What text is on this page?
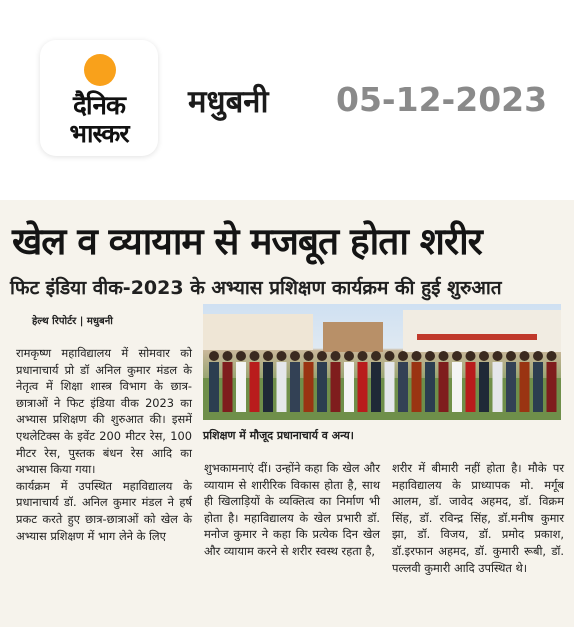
दैनिक
भास्कर
मधुबनी 05-12-2023
खेल व व्यायाम से मजबूत होता शरीर
फिट इंडिया वीक-2023 के अभ्यास प्रशिक्षण कार्यक्रम की हुई शुरुआत
हेल्थ रिपोर्टर | मधुबनी
प्रशिक्षण में मौजूद प्रधानाचार्य व अन्य।

रामकृष्ण महाविद्यालय में सोमवार को प्रधानाचार्य प्रो डॉ अनिल कुमार मंडल के नेतृत्व में शिक्षा शास्त्र विभाग के छात्र-छात्राओं ने फिट इंडिया वीक 2023 का अभ्यास प्रशिक्षण की शुरुआत की। इसमें एथलेटिक्स के इवेंट 200 मीटर रेस, 100 मीटर रेस, पुस्तक बंधन रेस आदि का अभ्यास किया गया।

कार्यक्रम में उपस्थित महाविद्यालय के प्रधानाचार्य डॉ. अनिल कुमार मंडल ने हर्ष प्रकट करते हुए छात्र-छात्राओं को खेल के अभ्यास प्रशिक्षण में भाग लेने के लिए

शुभकामनाएं दीं। उन्होंने कहा कि खेल और व्यायाम से शारीरिक विकास होता है, साथ ही खिलाड़ियों के व्यक्तित्व का निर्माण भी होता है। महाविद्यालय के खेल प्रभारी डॉ. मनोज कुमार ने कहा कि प्रत्येक दिन खेल और व्यायाम करने से शरीर स्वस्थ रहता है,
शरीर में बीमारी नहीं होता है। मौके पर महाविद्यालय के प्राध्यापक मो. मर्गूब आलम, डॉ. जावेद अहमद, डॉ. विक्रम सिंह, डॉ. रविन्द्र सिंह, डॉ.मनीष कुमार झा, डॉ. विजय, डॉ. प्रमोद प्रकाश, डॉ.इरफान अहमद, डॉ. कुमारी रूबी, डॉ. पल्लवी कुमारी आदि उपस्थित थे।
